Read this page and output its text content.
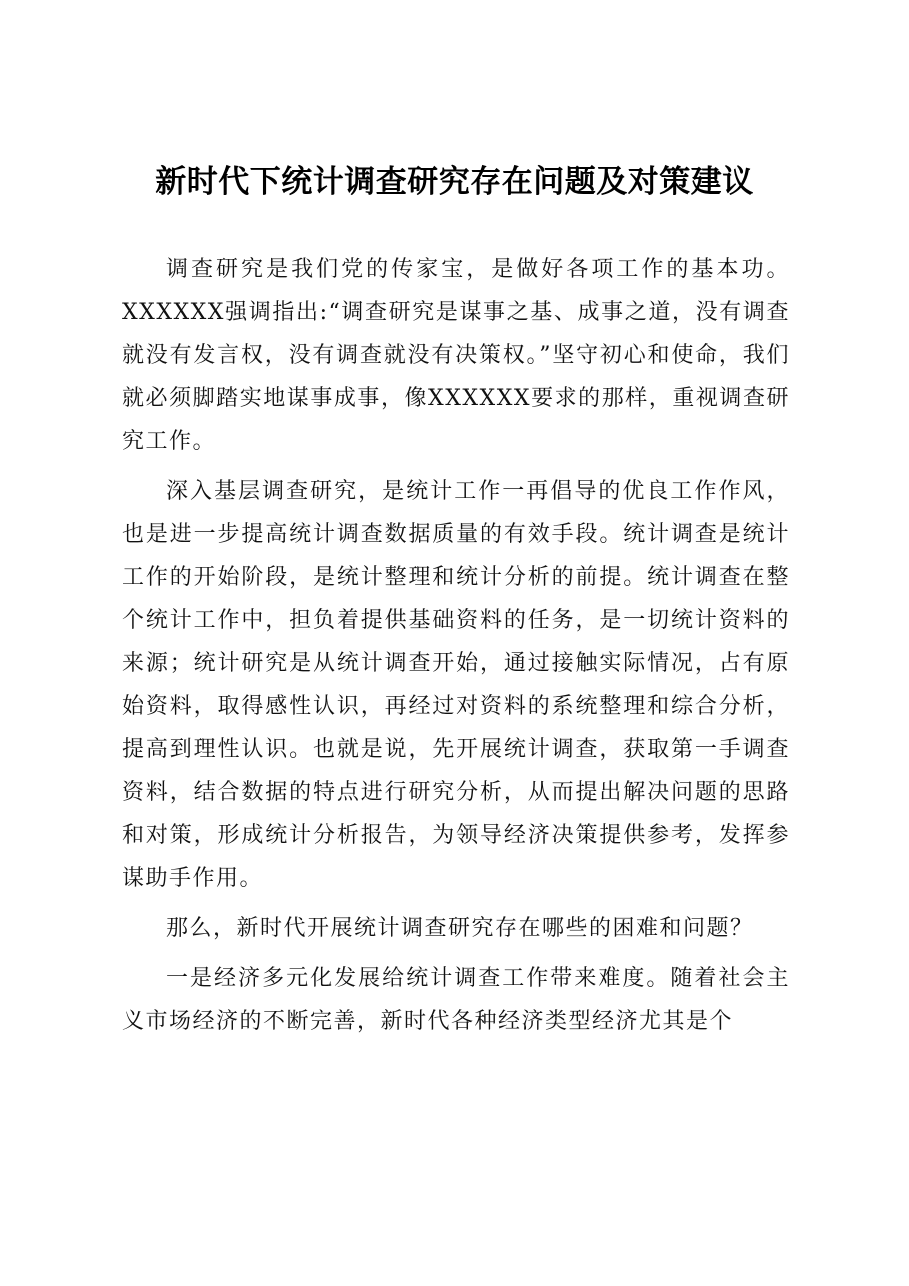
新时代下统计调查研究存在问题及对策建议

调查研究是我们党的传家宝，是做好各项工作的基本功。XXXXXX强调指出:“调查研究是谋事之基、成事之道，没有调查就没有发言权，没有调查就没有决策权。”坚守初心和使命，我们就必须脚踏实地谋事成事，像XXXXXX要求的那样，重视调查研究工作。

深入基层调查研究，是统计工作一再倡导的优良工作作风，也是进一步提高统计调查数据质量的有效手段。统计调查是统计工作的开始阶段，是统计整理和统计分析的前提。统计调查在整个统计工作中，担负着提供基础资料的任务，是一切统计资料的来源；统计研究是从统计调查开始，通过接触实际情况，占有原始资料，取得感性认识，再经过对资料的系统整理和综合分析，提高到理性认识。也就是说，先开展统计调查，获取第一手调查资料，结合数据的特点进行研究分析，从而提出解决问题的思路和对策，形成统计分析报告，为领导经济决策提供参考，发挥参谋助手作用。

那么，新时代开展统计调查研究存在哪些的困难和问题？

一是经济多元化发展给统计调查工作带来难度。随着社会主义市场经济的不断完善，新时代各种经济类型经济尤其是个
